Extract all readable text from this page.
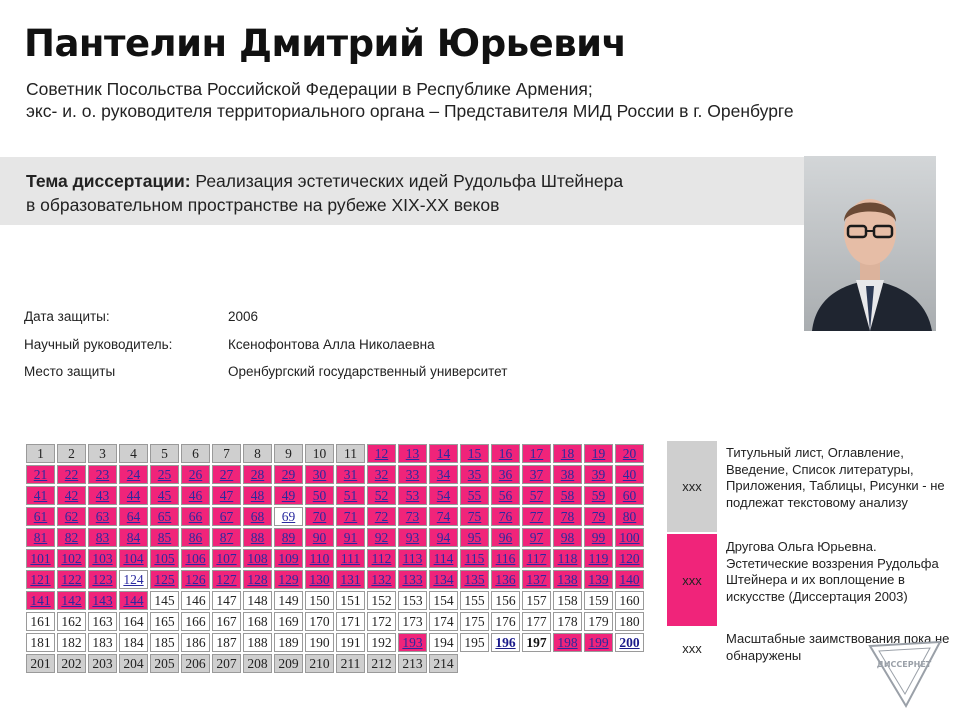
Пантелин Дмитрий Юрьевич
Советник Посольства Российской Федерации в Республике Армения;
экс- и. о. руководителя территориального органа – Представителя МИД России в г. Оренбурге
Тема диссертации: Реализация эстетических идей Рудольфа Штейнера
в образовательном пространстве на рубеже XIX-XX веков
Дата защиты:	2006
Научный руководитель:	Ксенофонтова Алла Николаевна
Место защиты	Оренбургский государственный университет
1	2	3	4	5	6	7	8	9	10	11	12	13	14	15	16	17	18	19	20
21	22	23	24	25	26	27	28	29	30	31	32	33	34	35	36	37	38	39	40
41	42	43	44	45	46	47	48	49	50	51	52	53	54	55	56	57	58	59	60
61	62	63	64	65	66	67	68	69	70	71	72	73	74	75	76	77	78	79	80
81	82	83	84	85	86	87	88	89	90	91	92	93	94	95	96	97	98	99	100
101	102	103	104	105	106	107	108	109	110	111	112	113	114	115	116	117	118	119	120
121	122	123	124	125	126	127	128	129	130	131	132	133	134	135	136	137	138	139	140
141	142	143	144	145	146	147	148	149	150	151	152	153	154	155	156	157	158	159	160
161	162	163	164	165	166	167	168	169	170	171	172	173	174	175	176	177	178	179	180
181	182	183	184	185	186	187	188	189	190	191	192	193	194	195	196	197	198	199	200
201	202	203	204	205	206	207	208	209	210	211	212	213	214						
xxx
Титульный лист, Оглавление, Введение, Список литературы, Приложения, Таблицы, Рисунки - не подлежат текстовому анализу
xxx
Другова Ольга Юрьевна. Эстетические воззрения Рудольфа Штейнера и их воплощение в искусстве (Диссертация 2003)
xxx
Масштабные заимствования пока не обнаружены
ДИССЕРНЕТ
